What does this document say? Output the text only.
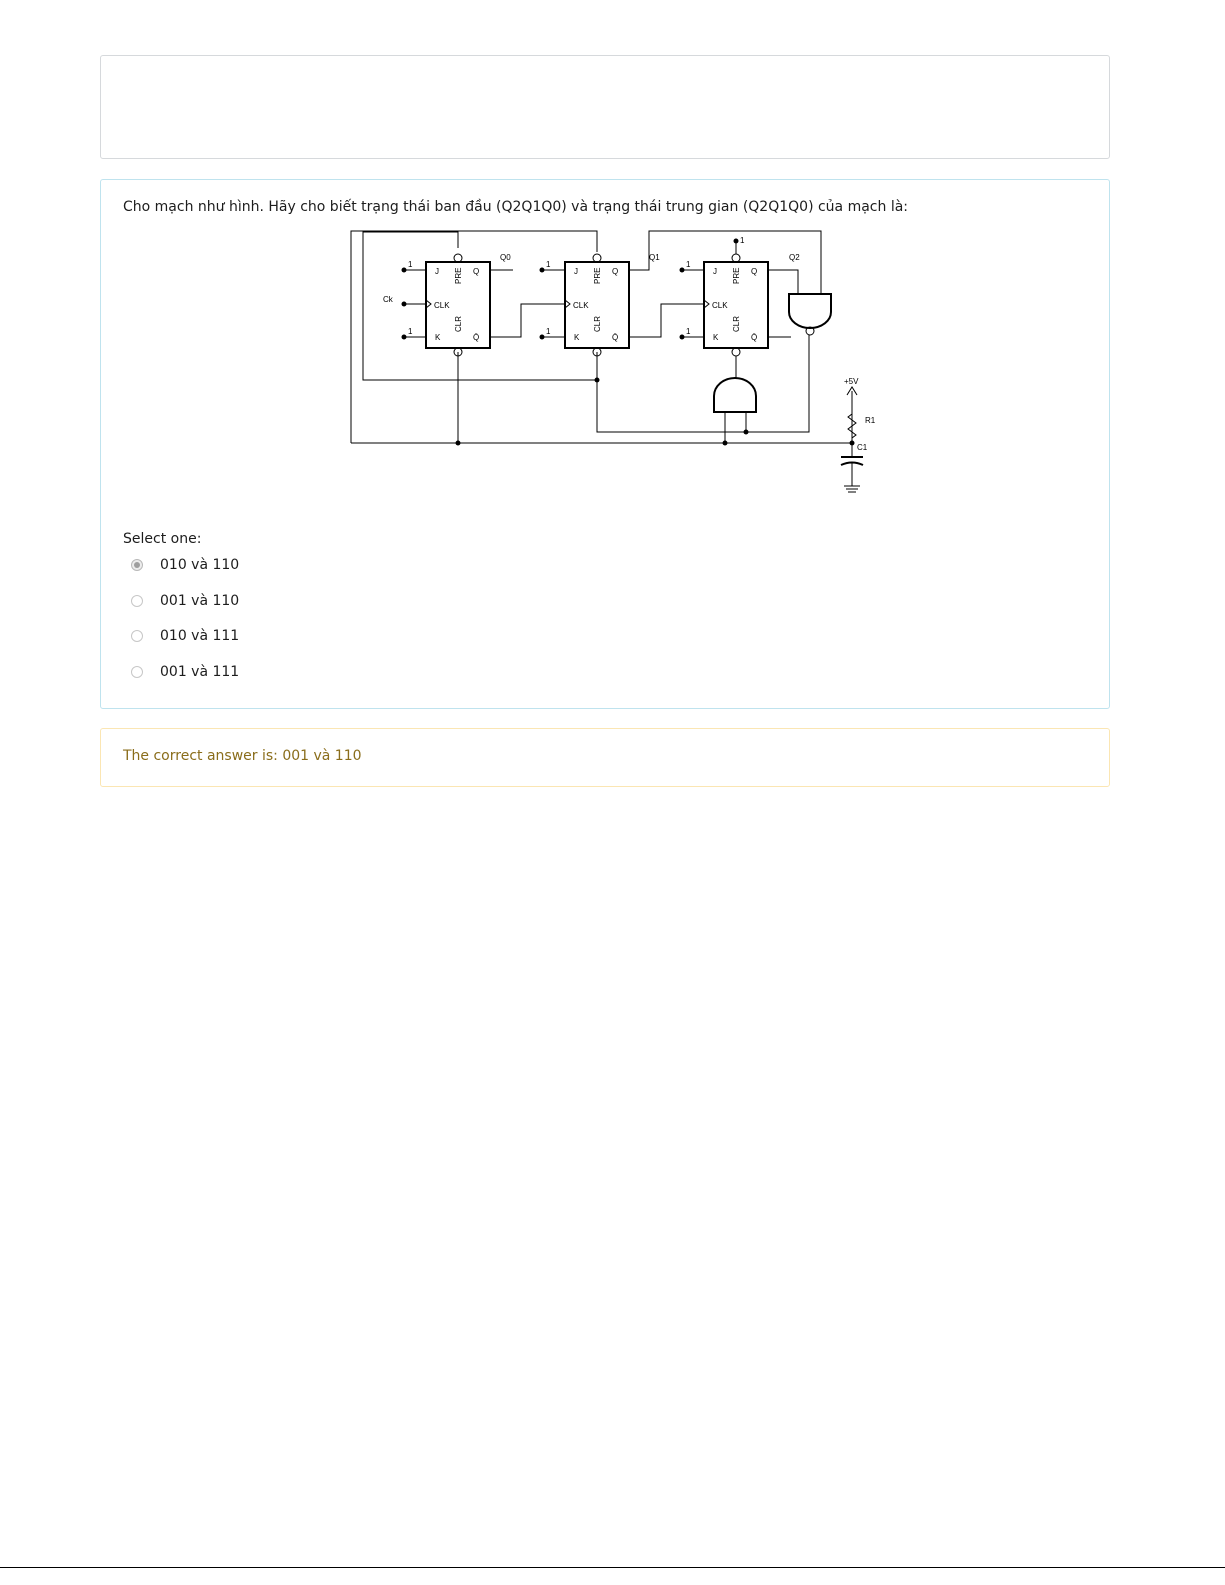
Cho mạch như hình. Hãy cho biết trạng thái ban đầu (Q2Q1Q0) và trạng thái trung gian (Q2Q1Q0) của mạch là:
1
1
1
1
1
1
1
Ck
Q0	Q1	Q2
+5V
R1
C1
J
K
Q
Q̄
CLK
J
K
Q
Q̄
CLK
J
K
Q
Q̄
CLK
PRE
CLR
PRE
CLR
PRE
CLR
Select one:
010 và 110
001 và 110
010 và 111
001 và 111
The correct answer is: 001 và 110
